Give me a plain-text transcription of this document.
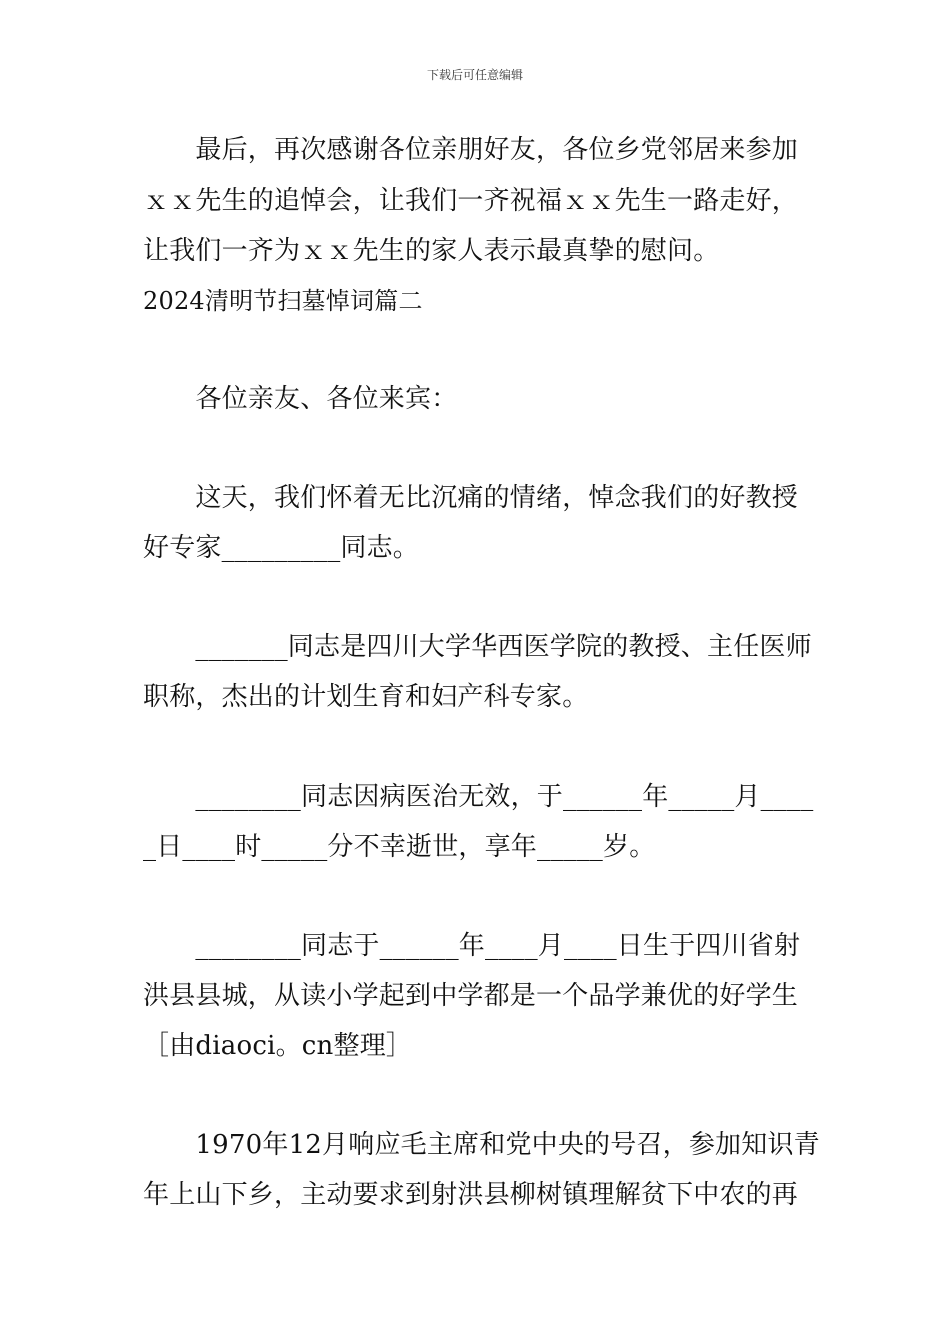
下载后可任意编辑
　　最后，再次感谢各位亲朋好友，各位乡党邻居来参加
ｘｘ先生的追悼会，让我们一齐祝福ｘｘ先生一路走好，
让我们一齐为ｘｘ先生的家人表示最真挚的慰问。
2024清明节扫墓悼词篇二
　　各位亲友、各位来宾：
　　这天，我们怀着无比沉痛的情绪，悼念我们的好教授
好专家_________同志。
　　_______同志是四川大学华西医学院的教授、主任医师
职称，杰出的计划生育和妇产科专家。
　　________同志因病医治无效，于______年_____月____
_日____时_____分不幸逝世，享年_____岁。
　　________同志于______年____月____日生于四川省射
洪县县城，从读小学起到中学都是一个品学兼优的好学生
［由diaoci。cn整理］
　　1970年12月响应毛主席和党中央的号召，参加知识青
年上山下乡，主动要求到射洪县柳树镇理解贫下中农的再
